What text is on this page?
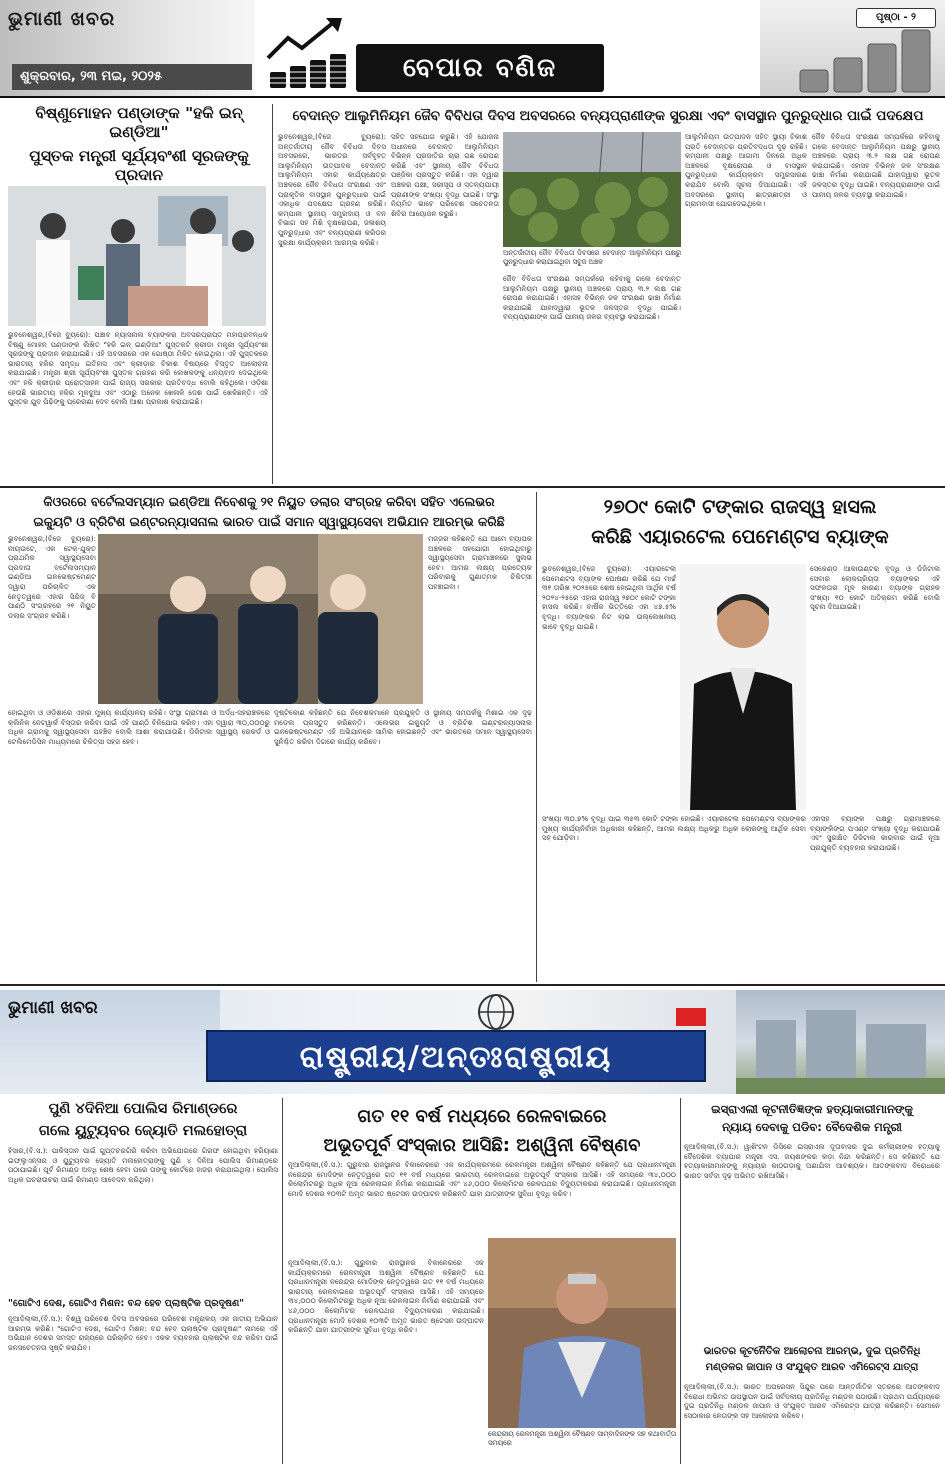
ଭୁମାଣୀ ଖବର
ଶୁକ୍ରବାର, ୨୩ ମଇ, ୨୦୨୫	ବେପାର ବଣିଜ
ପୃଷ୍ଠା - ୨
ବିଷ୍ଣୁମୋହନ ପଣ୍ଡାଙ୍କ "ହକି ଇନ୍ ଇଣ୍ଡିଆ"
ପୁସ୍ତକ ମନ୍ତ୍ରୀ ସୂର୍ଯ୍ୟବଂଶୀ ସୂରଜଙ୍କୁ ପ୍ରଦାନ

ଭୁବନେଶ୍ୱର,(ବିଜେ ବ୍ୟୁରୋ): ପଞ୍ଚାବ ନ୍ୟାସନାଲ ବ୍ୟାଙ୍କର ଅବସରପ୍ରାପ୍ତ ମହାପ୍ରବନ୍ଧକ ବିଷ୍ଣୁ ମୋହନ ପଣ୍ଡାଙ୍କ ଲିଖିତ "ହକି ଇନ୍ ଇଣ୍ଡିଆ" ପୁସ୍ତକଟି କ୍ରୀଡା ମନ୍ତ୍ରୀ ସୂର୍ଯ୍ୟବଂଶୀ ସୂରଜଙ୍କୁ ପ୍ରଦାନ କରାଯାଇଛି। ଏହି ଅବସରରେ ଏକ ଗୋଷ୍ଠୀ ମିଳିତ ହୋଇଥିଲା। ଏହି ପୁସ୍ତକରେ ଭାରତୀୟ ହକିର ସମୃଦ୍ଧ ଇତିହାସ ଏବଂ କ୍ରୀଡ଼ାର ବିକାଶ ବିଷୟରେ ବିସ୍ତୃତ ଆଲୋଚନା କରାଯାଇଛି। ମନ୍ତ୍ରୀ ଶ୍ରୀ ସୂର୍ଯ୍ୟବଂଶୀ ପୁସ୍ତକ ଗ୍ରହଣ କରି ଲେଖକଙ୍କୁ ଧନ୍ୟବାଦ ଦେଇଥିଲେ ଏବଂ ହକି କ୍ରୀଡ଼ାର ପ୍ରୋତ୍ସାହନ ପାଇଁ ରାଜ୍ୟ ସରକାର ପ୍ରତିବଦ୍ଧ ବୋଲି କହିଥିଲେ। ଓଡ଼ିଶା ହେଉଛି ଭାରତୀୟ ହକିର ମୂଳଦୁଆ ଏବଂ ଏଠାରୁ ଅନେକ ଖେଳାଳି ଦେଶ ପାଇଁ ଖେଳିଛନ୍ତି। ଏହି ପୁସ୍ତକ ଯୁବ ପିଢ଼ିଙ୍କୁ ପ୍ରେରଣା ଦେବ ବୋଲି ଆଶା ପ୍ରକାଶ କରାଯାଇଛି।

ବେଦାନ୍ତ ଆଲୁମିନିୟମ ଜୈବ ବିବିଧତା ଦିବସ ଅବସରରେ ବନ୍ୟପ୍ରାଣୀଙ୍କ ସୁରକ୍ଷା ଏବଂ ବାସସ୍ଥାନ ପୁନରୁଦ୍ଧାର ପାଇଁ ପଦକ୍ଷେପ

ଭୁବନେଶ୍ୱର,(ବିଜେ ବ୍ୟୁରୋ): ଅନ୍ତର୍ଜାତୀୟ ଜୈବ ବିବିଧତା ଦିବସ ଅବସରରେ, ଭାରତର ସର୍ବବୃହତ୍ ଆଲୁମିନିୟମ ଉତ୍ପାଦକ ବେଦାନ୍ତ ଆଲୁମିନିୟମ ଏହାର କାର୍ଯ୍ୟକ୍ଷେତ୍ର ଅଞ୍ଚଳରେ ଜୈବ ବିବିଧତା ସଂରକ୍ଷଣ ଏବଂ ପ୍ରାକୃତିକ ବାସସ୍ଥାନ ପୁନରୁଦ୍ଧାର ପାଇଁ ଏକାଧିକ ପଦକ୍ଷେପ ଗ୍ରହଣ କରିଛି। କମ୍ପାନୀ ସ୍ଥାନୀୟ ସମ୍ପ୍ରଦାୟ ଓ ବନ ବିଭାଗ ସହ ମିଶି ବୃକ୍ଷରୋପଣ, ଜଳାଶୟ ପୁନରୁଦ୍ଧାର ଏବଂ ବନ୍ୟପ୍ରାଣୀ କରିଡର ସୁରକ୍ଷା କାର୍ଯ୍ୟକ୍ରମ ଆରମ୍ଭ କରିଛି।

ସହିତ ସହଯୋଗ କରୁଛି। ଏହି ଯୋଜନା ଅଧୀନରେ ବେଦାନ୍ତ ଆଲୁମିନିୟମ ବିଭିନ୍ନ ପ୍ରଜାତିର ଚାରା ଗଛ ରୋପଣ କରିଛି ଏବଂ ସ୍ଥାନୀୟ ଜୈବ ବିବିଧତା ପଞ୍ଜିକା ପ୍ରସ୍ତୁତ କରିଛି। ଏହା ଦ୍ୱାରା ଅଞ୍ଚଳର ପକ୍ଷୀ, ସରୀସୃପ ଓ ସ୍ତନ୍ୟପାୟୀ ପ୍ରାଣୀଙ୍କ ସଂଖ୍ୟା ବୃଦ୍ଧି ପାଇଛି। ସଂସ୍ଥା ନିୟମିତ ଭାବେ ପରିବେଶ ସଚେତନତା ଶିବିର ଆୟୋଜନ କରୁଛି।

ଅନ୍ତର୍ଜାତୀୟ ଜୈବ ବିବିଧତା ଦିବସରେ ବେଦାନ୍ତ ଆଲୁମିନିୟମ ପକ୍ଷରୁ ପୁନରୁଦ୍ଧାର କରାଯାଇଥିବା ସବୁଜ ଅଞ୍ଚଳ

ଜୈବ ବିବିଧତା ସଂରକ୍ଷଣ ସମ୍ପର୍କରେ କହିବାକୁ ଗଲେ ବେଦାନ୍ତ ଆଲୁମିନିୟମ ପକ୍ଷରୁ ସ୍ଥାନୀୟ ଅଞ୍ଚଳରେ ପ୍ରାୟ ୩.୨ ଲକ୍ଷ ଗଛ ରୋପଣ କରାଯାଇଛି। ଏହାସହ ବିଭିନ୍ନ ଜଳ ସଂରକ୍ଷଣ ଢାଞ୍ଚା ନିର୍ମାଣ କରାଯାଇଛି ଯାହାଦ୍ୱାରା ଭୂତଳ ଜଳସ୍ତର ବୃଦ୍ଧି ପାଇଛି। ବନ୍ୟପ୍ରାଣୀଙ୍କ ପାଇଁ ପାନୀୟ ଜଳର ବ୍ୟବସ୍ଥା କରାଯାଇଛି।

ଆଲୁମିନିୟମ ଉତ୍ପାଦନ ସହିତ ସ୍ଥାୟୀ ବିକାଶ ପ୍ରତି ବେଦାନ୍ତର ପ୍ରତିବଦ୍ଧତା ଦୃଢ଼ ରହିଛି। କମ୍ପାନୀ ପକ୍ଷରୁ ଆଗାମୀ ଦିନରେ ଅଧିକ ଅଞ୍ଚଳରେ ବୃକ୍ଷରୋପଣ ଓ ବାସସ୍ଥାନ ପୁନରୁଦ୍ଧାର କାର୍ଯ୍ୟକ୍ରମ ସମ୍ପ୍ରସାରଣ କରାଯିବ ବୋଲି ସୂଚନା ଦିଆଯାଇଛି। ଏହି ଅବସରରେ ସ୍ଥାନୀୟ ଛାତ୍ରଛାତ୍ରୀ ଓ ଗ୍ରାମବାସୀ ଯୋଗଦେଇଥିଲେ।

ଜୈବ ବିବିଧତା ସଂରକ୍ଷଣ ସମ୍ପର୍କରେ କହିବାକୁ ଗଲେ ବେଦାନ୍ତ ଆଲୁମିନିୟମ ପକ୍ଷରୁ ସ୍ଥାନୀୟ ଅଞ୍ଚଳରେ ପ୍ରାୟ ୩.୨ ଲକ୍ଷ ଗଛ ରୋପଣ କରାଯାଇଛି। ଏହାସହ ବିଭିନ୍ନ ଜଳ ସଂରକ୍ଷଣ ଢାଞ୍ଚା ନିର୍ମାଣ କରାଯାଇଛି ଯାହାଦ୍ୱାରା ଭୂତଳ ଜଳସ୍ତର ବୃଦ୍ଧି ପାଇଛି। ବନ୍ୟପ୍ରାଣୀଙ୍କ ପାଇଁ ପାନୀୟ ଜଳର ବ୍ୟବସ୍ଥା କରାଯାଇଛି।

କିଓରରେ ବର୍ଟେଲସମ୍ୟାନ ଇଣ୍ଡିଆ ନିବେଶକୁ ୨୧ ନିୟୁତ ଡଲାର ସଂଗ୍ରହ କରିବା ସହିତ ଏଲେଭର
ଇକ୍ୟୁଟି ଓ ବ୍ରିଟିଶ ଇଣ୍ଟରନ୍ୟାସନାଲ ଭାରତ ପାଇଁ ସମାନ ସ୍ୱାସ୍ଥ୍ୟସେବା ଅଭିଯାନ ଆରମ୍ଭ କରିଛି

ଭୁବନେଶ୍ୱର,(ବିଜେ ବ୍ୟୁରୋ): ନୀୟଉଟେ, ଏକ ଟେକ୍-ଯୁକ୍ତ ପ୍ରାଥମିକ ସ୍ୱାସ୍ଥ୍ୟସେବା ପ୍ରଦାତା ବର୍ଟେଲସମ୍ୟାନ ଇଣ୍ଡିଆ ଇନଭେଷ୍ଟମେଣ୍ଟ ଦ୍ୱାରା ପରିଚାଳିତ ଏକ ନେତୃତ୍ୱରେ ଏହାର ସିରିଜ୍ ବି ପାଣ୍ଠି ସଂଗ୍ରହରେ ୨୧ ନିୟୁତ ଡଲାର ସଂଗ୍ରହ କରିଛି।

ମଜ୍ଜର କହିଛନ୍ତି ଯେ ଆମେ ବ୍ୟାପକ ଅଞ୍ଚଳରେ ସହଯୋଗୀ ହୋଇଥିବାରୁ ସ୍ୱାସ୍ଥ୍ୟସେବା ଗ୍ରାମାଞ୍ଚଳରେ ସୁଲଭ ହେବ। ଆମର ଲକ୍ଷ୍ୟ ପ୍ରତ୍ୟେକ ପରିବାରକୁ ଗୁଣାତ୍ମକ ଚିକିତ୍ସା ପହଞ୍ଚାଇବା।

ହୋଇଥିବା ଓ ଓଡ଼ିଶାରେ ଏହାର ମୁଖ୍ୟ କାର୍ଯ୍ୟାଳୟ ରହିଛି। ସଂସ୍ଥା ଗ୍ରାମୀଣ ଓ ଅର୍ଦ୍ଧ-ସହରାଞ୍ଚଳରେ କ୍ଲିନିକ ନେଟୱାର୍କ ବିସ୍ତାର କରିବା ପାଇଁ ଏହି ପାଣ୍ଠି ବିନିଯୋଗ କରିବ। ଏହା ଦ୍ୱାରା ୩୦,୦୦୦ରୁ ଅଧିକ ଗ୍ରାମକୁ ସ୍ୱାସ୍ଥ୍ୟସେବା ପହଞ୍ଚିବ ବୋଲି ଆଶା କରାଯାଉଛି। ଡିଜିଟାଲ ସ୍ୱାସ୍ଥ୍ୟ ରେକର୍ଡ ଓ ଟେଲିମେଡିସିନ ମାଧ୍ୟମରେ ଚିକିତ୍ସା ସହଜ ହେବ।

ଦୃଷ୍ଟିକୋଣ କହିଛନ୍ତି ଯେ ନିବେଶକମାନେ ପ୍ରଯୁକ୍ତି ଓ ସ୍ଥାନୀୟ ସମ୍ପର୍କକୁ ମିଶାଇ ଏକ ଦୃଢ଼ ମଡେଲ ପ୍ରସ୍ତୁତ କରିଛନ୍ତି। ଏଲେଭର ଇକ୍ୟୁଟି ଓ ବ୍ରିଟିଶ ଇଣ୍ଟରନ୍ୟାସନାଲ ଇନଭେଷ୍ଟମେଣ୍ଟ ଏହି ଅଭିଯାନରେ ସାମିଲ ହୋଇଛନ୍ତି ଏବଂ ଭାରତରେ ସମାନ ସ୍ୱାସ୍ଥ୍ୟସେବା ସୁନିଶ୍ଚିତ କରିବା ଦିଗରେ କାର୍ଯ୍ୟ କରିବେ।

୨୭୦୯ କୋଟି ଟଙ୍କାର ରାଜସ୍ୱ ହାସଲ
କରିଛି ଏୟାରଟେଲ ପେମେଣ୍ଟସ ବ୍ୟାଙ୍କ

ଭୁବନେଶ୍ୱର,(ବିଜେ ବ୍ୟୁରୋ): ଏୟାରଟେଲ ପେମେଣ୍ଟସ ବ୍ୟାଙ୍କ ଘୋଷଣା କରିଛି ଯେ ମାର୍ଚ୍ଚ ୩୧ ତାରିଖ ୨୦୨୫ରେ ଶେଷ ହୋଇଥିବା ଆର୍ଥିକ ବର୍ଷ ୨୦୨୪-୨୫ରେ ଏହାର ରାଜସ୍ୱ ୨୭୦୯ କୋଟି ଟଙ୍କା ହାସଲ କରିଛି। ବାର୍ଷିକ ଭିତ୍ତିରେ ଏହା ୪୭.୫% ବୃଦ୍ଧି। ବ୍ୟାଙ୍କର ନିଟ ଲାଭ ଉଲ୍ଲେଖନୀୟ ଭାବେ ବୃଦ୍ଧି ପାଇଛି।

ସେକେଣ୍ଡ ଆକାଉଣ୍ଟର ବୃଦ୍ଧି ଓ ଡିଜିଟାଲ ସେବାର ଲୋକପ୍ରିୟତା ବ୍ୟାଙ୍କର ଏହି ସଫଳତାର ମୂଳ କାରଣ। ବ୍ୟାଙ୍କ ଗ୍ରାହକ ସଂଖ୍ୟା ୧୦ କୋଟି ଅତିକ୍ରମ କରିଛି ବୋଲି ସୂଚନା ଦିଆଯାଇଛି।

ସଂଖ୍ୟା ୩୦.୭% ବୃଦ୍ଧି ପାଇ ୩୫୩ କୋଟି ଟଙ୍କା ହୋଇଛି। ଏୟାରଟେଲ ପେମେଣ୍ଟସ ବ୍ୟାଙ୍କର ମୁଖ୍ୟ କାର୍ଯ୍ୟନିର୍ବାହୀ ଅଧିକାରୀ କହିଛନ୍ତି, ଆମର ଲକ୍ଷ୍ୟ ଅଧିକରୁ ଅଧିକ ଲୋକଙ୍କୁ ଆର୍ଥିକ ସେବା ସହ ଯୋଡ଼ିବା।

ଏହାସହ ବ୍ୟାଙ୍କ ପକ୍ଷରୁ ଗ୍ରାମାଞ୍ଚଳରେ ବ୍ୟାଙ୍କିଙ୍ଗ ପଏଣ୍ଟ ସଂଖ୍ୟା ବୃଦ୍ଧି କରାଯାଉଛି ଏବଂ ସୁରକ୍ଷିତ ଡିଜିଟାଲ କାରବାର ପାଇଁ ନୂଆ ପ୍ରଯୁକ୍ତି ବ୍ୟବହାର କରାଯାଉଛି।

ଭୁମାଣୀ ଖବର
ରାଷ୍ଟ୍ରୀୟ/ଅନ୍ତଃରାଷ୍ଟ୍ରୀୟ
ପୁଣି ୪ଦିନିଆ ପୋଲିସ ରିମାଣ୍ଡରେ
ଗଲେ ୟୁଟ୍ୟୁବର ଜ୍ୟୋତି ମଲହୋତ୍ରା

ହିସାର,(ବି.ସ.): ପାକିସ୍ତାନ ପାଇଁ ଗୁପ୍ତଚରଗିରି କରିବା ଅଭିଯୋଗରେ ଗିରଫ ହୋଇଥିବା ହରିୟାଣା ଇଫ୍ଲୁଏନ୍ସର ଓ ୟୁଟ୍ୟୁବର ଜ୍ୟୋତି ମଲହୋତ୍ରାଙ୍କୁ ପୁଣି ୪ ଦିନିଆ ପୋଲିସ ରିମାଣ୍ଡରେ ପଠାଯାଇଛି। ପୂର୍ବ ରିମାଣ୍ଡ ଅବଧି ଶେଷ ହେବା ପରେ ତାଙ୍କୁ କୋର୍ଟରେ ହାଜର କରାଯାଇଥିଲା। ପୋଲିସ ଅଧିକ ପଚରାଉଚରା ପାଇଁ ରିମାଣ୍ଡ ଆବେଦନ କରିଥିଲା।

"ଗୋଟିଏ ଦେଶ, ଗୋଟିଏ ମିଶନ: ବନ୍ଦ ହେବ ପ୍ଲାଷ୍ଟିକ ପ୍ରଦୂଷଣ"

ନୂଆଦିଲ୍ଲୀ,(ବି.ସ.): ବିଶ୍ୱ ପରିବେଶ ଦିବସ ଅବସରରେ ପରିବେଶ ମନ୍ତ୍ରାଳୟ ଏକ ଜାତୀୟ ଅଭିଯାନ ଆରମ୍ଭ କରିଛି। "ଗୋଟିଏ ଦେଶ, ଗୋଟିଏ ମିଶନ: ବନ୍ଦ ହେବ ପ୍ଲାଷ୍ଟିକ ପ୍ରଦୂଷଣ" ନାମରେ ଏହି ଅଭିଯାନ ଦେଶର ସମସ୍ତ ରାଜ୍ୟରେ ପରିଚାଳିତ ହେବ। ଏକକ ବ୍ୟବହାର ପ୍ଲାଷ୍ଟିକ ବନ୍ଦ କରିବା ପାଇଁ ଜନସଚେତନତା ସୃଷ୍ଟି କରାଯିବ।

ଗତ ୧୧ ବର୍ଷ ମଧ୍ୟରେ ରେଳବାଇରେ
ଅଭୂତପୂର୍ବ ସଂସ୍କାର ଆସିଛି: ଅଶ୍ୱିନୀ ବୈଷ୍ଣବ

ନୂଆଦିଲ୍ଲୀ,(ବି.ସ.): ଗୁରୁବାର ରାଜସ୍ଥାନର ବିକାନେରରେ ଏକ କାର୍ଯ୍ୟକ୍ରମରେ ରେଳମନ୍ତ୍ରୀ ଅଶ୍ୱିନୀ ବୈଷ୍ଣବ କହିଛନ୍ତି ଯେ ପ୍ରଧାନମନ୍ତ୍ରୀ ନରେନ୍ଦ୍ର ମୋଦିଙ୍କ ନେତୃତ୍ୱରେ ଗତ ୧୧ ବର୍ଷ ମଧ୍ୟରେ ଭାରତୀୟ ରେଳବାଇରେ ଅଭୂତପୂର୍ବ ସଂସ୍କାର ଆସିଛି। ଏହି ସମୟରେ ୩୪,୦୦୦ କିଲୋମିଟରରୁ ଅଧିକ ନୂଆ ରେଳଲାଇନ ନିର୍ମାଣ କରାଯାଇଛି ଏବଂ ୪୬,୦୦୦ କିଲୋମିଟର ରେଳପଥର ବିଦ୍ୟୁତୀକରଣ କରାଯାଇଛି। ପ୍ରଧାନମନ୍ତ୍ରୀ ମୋଦି ଦେଶର ୧୦୩ଟି ଅମୃତ ଭାରତ ଷ୍ଟେସନ ଉଦ୍‌ଘାଟନ କରିଛନ୍ତି ଯାହା ଯାତ୍ରୀଙ୍କ ସୁବିଧା ବୃଦ୍ଧି କରିବ।

ନୂଆଦିଲ୍ଲୀ,(ବି.ସ.): ଗୁରୁବାର ରାଜସ୍ଥାନର ବିକାନେରରେ ଏକ କାର୍ଯ୍ୟକ୍ରମରେ ରେଳମନ୍ତ୍ରୀ ଅଶ୍ୱିନୀ ବୈଷ୍ଣବ କହିଛନ୍ତି ଯେ ପ୍ରଧାନମନ୍ତ୍ରୀ ନରେନ୍ଦ୍ର ମୋଦିଙ୍କ ନେତୃତ୍ୱରେ ଗତ ୧୧ ବର୍ଷ ମଧ୍ୟରେ ଭାରତୀୟ ରେଳବାଇରେ ଅଭୂତପୂର୍ବ ସଂସ୍କାର ଆସିଛି। ଏହି ସମୟରେ ୩୪,୦୦୦ କିଲୋମିଟରରୁ ଅଧିକ ନୂଆ ରେଳଲାଇନ ନିର୍ମାଣ କରାଯାଇଛି ଏବଂ ୪୬,୦୦୦ କିଲୋମିଟର ରେଳପଥର ବିଦ୍ୟୁତୀକରଣ କରାଯାଇଛି। ପ୍ରଧାନମନ୍ତ୍ରୀ ମୋଦି ଦେଶର ୧୦୩ଟି ଅମୃତ ଭାରତ ଷ୍ଟେସନ ଉଦ୍‌ଘାଟନ କରିଛନ୍ତି ଯାହା ଯାତ୍ରୀଙ୍କ ସୁବିଧା ବୃଦ୍ଧି କରିବ।

କେନ୍ଦ୍ରୀୟ ରେଳମନ୍ତ୍ରୀ ଅଶ୍ୱିନୀ ବୈଷ୍ଣବ ସାମ୍ବାଦିକଙ୍କ ସହ କଥାବାର୍ତ୍ତା ସମୟରେ

ଇସ୍ରାଏଲୀ କୂଟନୀତିଜ୍ଞଙ୍କ ହତ୍ୟାକାରୀମାନଙ୍କୁ
ନ୍ୟାୟ ଦେବାକୁ ପଡିବ: ବୈଦେଶିକ ମନ୍ତ୍ରୀ

ନୂଆଦିଲ୍ଲୀ,(ବି.ସ.): ୱାଶିଂଟନ ଡିସିରେ ଇସ୍ରାଏଲ ଦୂତାବାସର ଦୁଇ କର୍ମଚାରୀଙ୍କ ହତ୍ୟାକୁ ବୈଦେଶିକ ବ୍ୟାପାର ମନ୍ତ୍ରୀ ଏସ. ଜୟଶଙ୍କର କଡ଼ା ନିନ୍ଦା କରିଛନ୍ତି। ସେ କହିଛନ୍ତି ଯେ ହତ୍ୟାକାରୀମାନଙ୍କୁ ନ୍ୟାୟର କାଠଗଡ଼ାକୁ ଅଣାଯିବା ଆବଶ୍ୟକ। ଆତଙ୍କବାଦ ବିରୋଧରେ ଭାରତ ସର୍ବଦା ଦୃଢ଼ ଅଭିମତ ରଖିଆସିଛି।

ଭାରତର କୂଟନୈତିକ ଆଲୋଚନା ଆରମ୍ଭ, ଦୁଇ ପ୍ରତିନିଧି
ମଣ୍ଡଳର ଜାପାନ ଓ ସଂଯୁକ୍ତ ଆରବ ଏମିରେଟ୍ସ ଯାତ୍ରା

ନୂଆଦିଲ୍ଲୀ,(ବି.ସ.): ଭାରତ ଅପରେସନ ସିନ୍ଦୁର ପରେ ଆନ୍ତର୍ଜାତିକ ସ୍ତରରେ ଆତଙ୍କବାଦ ବିରୋଧୀ ଅଭିମତ ଉପସ୍ଥାପନ ପାଇଁ ସର୍ବଦଳୀୟ ପ୍ରତିନିଧି ମଣ୍ଡଳ ପଠାଉଛି। ପ୍ରଥମ ପର୍ଯ୍ୟାୟରେ ଦୁଇ ପ୍ରତିନିଧି ମଣ୍ଡଳ ଜାପାନ ଓ ସଂଯୁକ୍ତ ଆରବ ଏମିରେଟ୍ସ ଯାତ୍ରା କରିଛନ୍ତି। ସେମାନେ ସେଠାକାର ନେତାଙ୍କ ସହ ଆଲୋଚନା କରିବେ।
